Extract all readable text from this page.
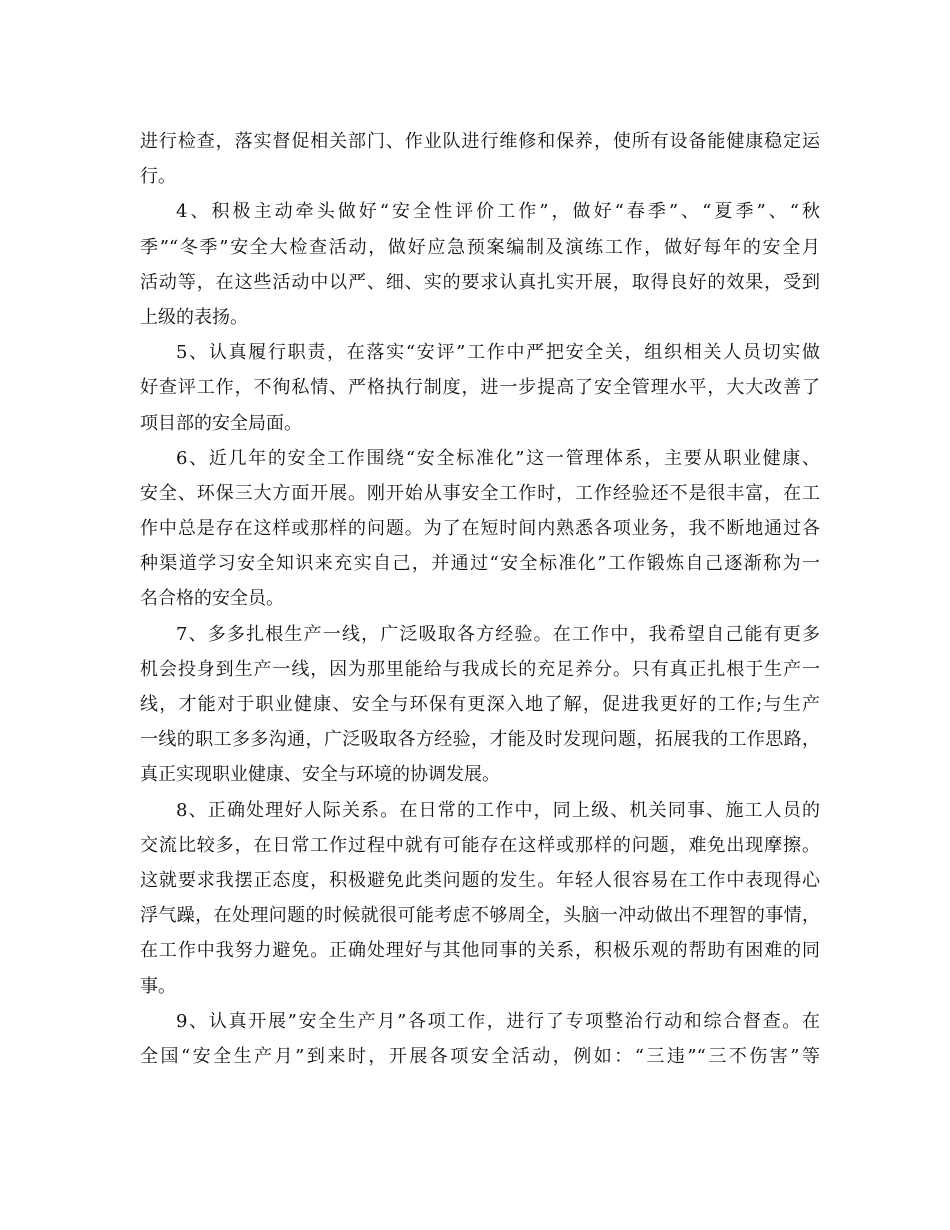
进行检查，落实督促相关部门、作业队进行维修和保养，使所有设备能健康稳定运
行。
4、积极主动牵头做好“安全性评价工作”，做好“春季”、“夏季”、“秋
季”“冬季”安全大检查活动，做好应急预案编制及演练工作，做好每年的安全月
活动等，在这些活动中以严、细、实的要求认真扎实开展，取得良好的效果，受到
上级的表扬。
5、认真履行职责，在落实“安评”工作中严把安全关，组织相关人员切实做
好查评工作，不徇私情、严格执行制度，进一步提高了安全管理水平，大大改善了
项目部的安全局面。
6、近几年的安全工作围绕“安全标准化”这一管理体系，主要从职业健康、
安全、环保三大方面开展。刚开始从事安全工作时，工作经验还不是很丰富，在工
作中总是存在这样或那样的问题。为了在短时间内熟悉各项业务，我不断地通过各
种渠道学习安全知识来充实自己，并通过“安全标准化”工作锻炼自己逐渐称为一
名合格的安全员。
7、多多扎根生产一线，广泛吸取各方经验。在工作中，我希望自己能有更多
机会投身到生产一线，因为那里能给与我成长的充足养分。只有真正扎根于生产一
线，才能对于职业健康、安全与环保有更深入地了解，促进我更好的工作;与生产
一线的职工多多沟通，广泛吸取各方经验，才能及时发现问题，拓展我的工作思路，
真正实现职业健康、安全与环境的协调发展。
8、正确处理好人际关系。在日常的工作中，同上级、机关同事、施工人员的
交流比较多，在日常工作过程中就有可能存在这样或那样的问题，难免出现摩擦。
这就要求我摆正态度，积极避免此类问题的发生。年轻人很容易在工作中表现得心
浮气躁，在处理问题的时候就很可能考虑不够周全，头脑一冲动做出不理智的事情，
在工作中我努力避免。正确处理好与其他同事的关系，积极乐观的帮助有困难的同
事。
9、认真开展”安全生产月”各项工作，进行了专项整治行动和综合督查。在
全国“安全生产月”到来时，开展各项安全活动，例如：“三违”“三不伤害”等
